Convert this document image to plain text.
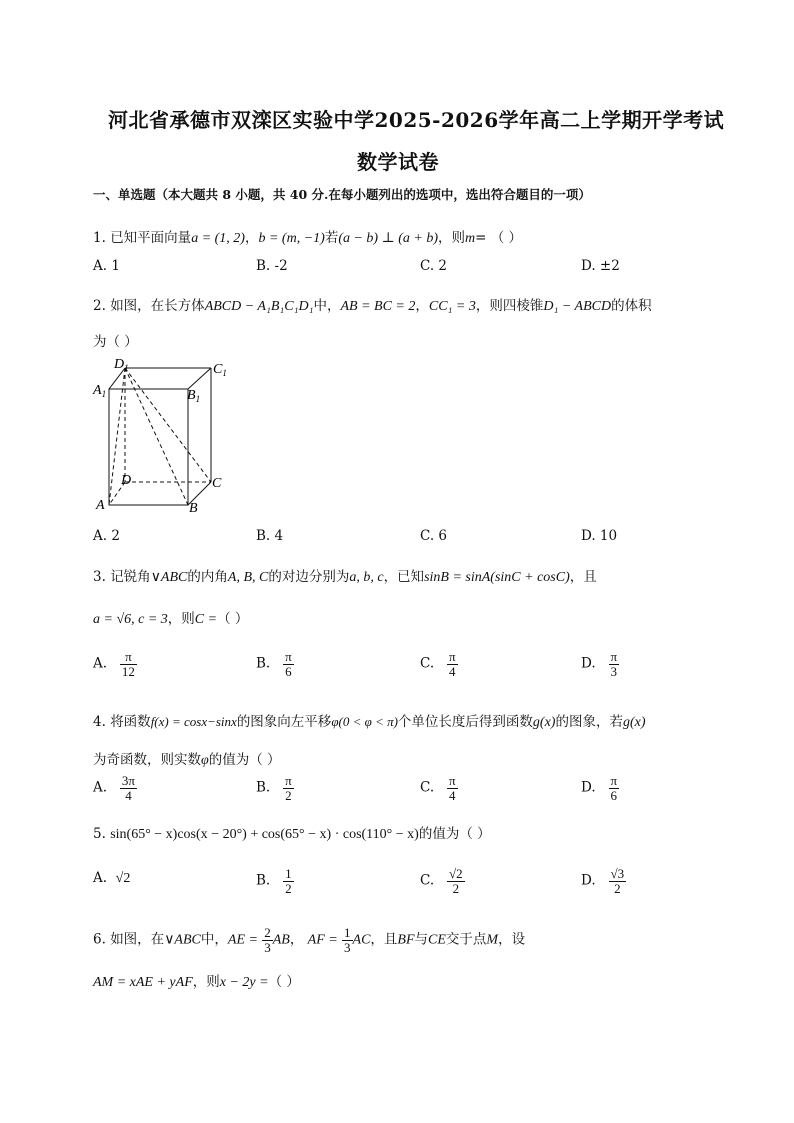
河北省承德市双滦区实验中学2025-2026学年高二上学期开学考试
数学试卷
一、单选题（本大题共 8 小题，共 40 分.在每小题列出的选项中，选出符合题目的一项）
1. 已知平面向量a = (1, 2)，b = (m, −1)若(a − b) ⊥ (a + b)，则m= （ ）
A. 1	B. -2	C. 2	D. ±2
2. 如图，在长方体ABCD − A₁B₁C₁D₁中，AB = BC = 2，CC₁ = 3，则四棱锥D₁ − ABCD的体积
为（ ）
$D_1$	$C_1$
$A_1$	$B_1$
D	C
A	B
A. 2	B. 4	C. 6	D. 10
3. 记锐角∨ABC的内角A, B, C的对边分别为a, b, c，已知sinB = sinA(sinC + cosC)，且
a = √6, c = 3，则C =（ ）
A. $\frac{\pi}{12}$	B. $\frac{\pi}{6}$	C. $\frac{\pi}{4}$	D. $\frac{\pi}{3}$
4. 将函数f(x) = cosx−sinx的图象向左平移φ(0 < φ < π)个单位长度后得到函数g(x)的图象，若g(x)
为奇函数，则实数φ的值为（ ）
A. $\frac{3\pi}{4}$	B. $\frac{\pi}{2}$	C. $\frac{\pi}{4}$	D. $\frac{\pi}{6}$
5. sin(65° − x)cos(x − 20°) + cos(65° − x) · cos(110° − x)的值为（ ）
A. √2	B. $\frac{1}{2}$	C. $\frac{√2}{2}$	D. $\frac{√3}{2}$
6. 如图，在∨ABC中，AE = $\frac{2}{3}$ AB， AF = $\frac{1}{3}$ AC，且BF与CE交于点M，设
AM = xAE + yAF，则x − 2y =（ ）
